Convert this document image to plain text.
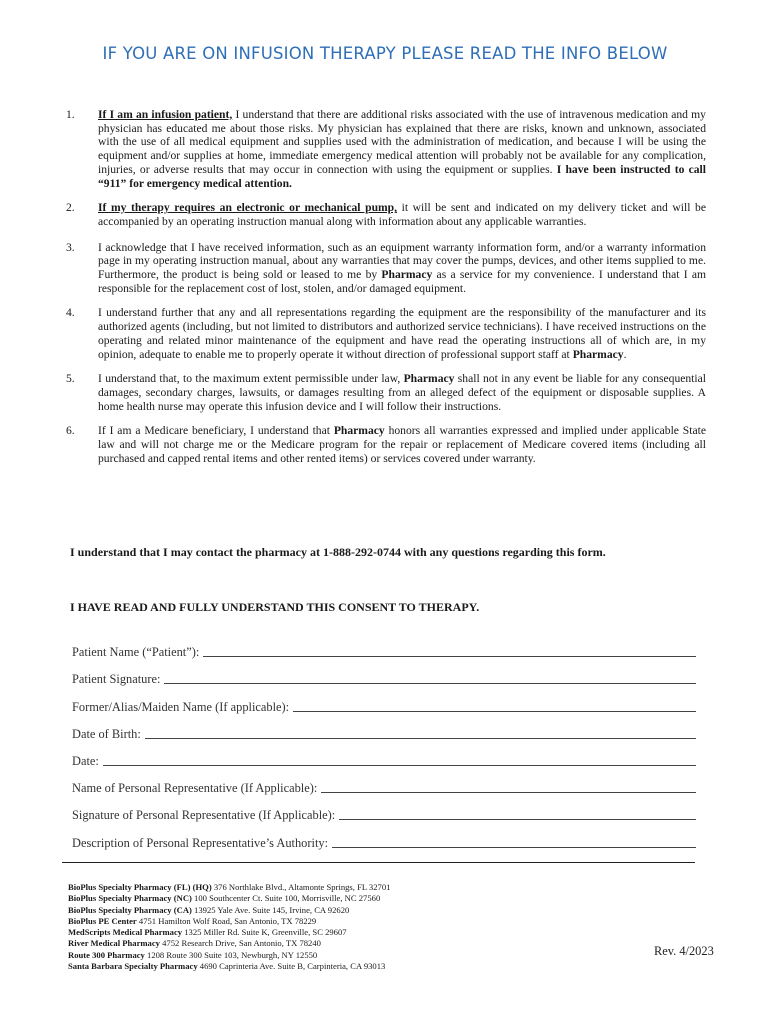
IF YOU ARE ON INFUSION THERAPY PLEASE READ THE INFO BELOW
1.	If I am an infusion patient, I understand that there are additional risks associated with the use of intravenous medication and my physician has educated me about those risks. My physician has explained that there are risks, known and unknown, associated with the use of all medical equipment and supplies used with the administration of medication, and because I will be using the equipment and/or supplies at home, immediate emergency medical attention will probably not be available for any complication, injuries, or adverse results that may occur in connection with using the equipment or supplies. I have been instructed to call “911” for emergency medical attention.
2.	If my therapy requires an electronic or mechanical pump, it will be sent and indicated on my delivery ticket and will be accompanied by an operating instruction manual along with information about any applicable warranties.
3.	I acknowledge that I have received information, such as an equipment warranty information form, and/or a warranty information page in my operating instruction manual, about any warranties that may cover the pumps, devices, and other items supplied to me. Furthermore, the product is being sold or leased to me by Pharmacy as a service for my convenience. I understand that I am responsible for the replacement cost of lost, stolen, and/or damaged equipment.
4.	I understand further that any and all representations regarding the equipment are the responsibility of the manufacturer and its authorized agents (including, but not limited to distributors and authorized service technicians). I have received instructions on the operating and related minor maintenance of the equipment and have read the operating instructions all of which are, in my opinion, adequate to enable me to properly operate it without direction of professional support staff at Pharmacy.
5.	I understand that, to the maximum extent permissible under law, Pharmacy shall not in any event be liable for any consequential damages, secondary charges, lawsuits, or damages resulting from an alleged defect of the equipment or disposable supplies. A home health nurse may operate this infusion device and I will follow their instructions.
6.	If I am a Medicare beneficiary, I understand that Pharmacy honors all warranties expressed and implied under applicable State law and will not charge me or the Medicare program for the repair or replacement of Medicare covered items (including all purchased and capped rental items and other rented items) or services covered under warranty.
I understand that I may contact the pharmacy at 1-888-292-0744 with any questions regarding this form.
I HAVE READ AND FULLY UNDERSTAND THIS CONSENT TO THERAPY.
Patient Name (“Patient”):
Patient Signature:
Former/Alias/Maiden Name (If applicable):
Date of Birth:
Date:
Name of Personal Representative (If Applicable):
Signature of Personal Representative (If Applicable):
Description of Personal Representative’s Authority:
BioPlus Specialty Pharmacy (FL) (HQ) 376 Northlake Blvd., Altamonte Springs, FL 32701
BioPlus Specialty Pharmacy (NC) 100 Southcenter Ct. Suite 100, Morrisville, NC 27560
BioPlus Specialty Pharmacy (CA) 13925 Yale Ave. Suite 145, Irvine, CA 92620
BioPlus PE Center 4751 Hamilton Wolf Road, San Antonio, TX 78229
MedScripts Medical Pharmacy 1325 Miller Rd. Suite K, Greenville, SC 29607
River Medical Pharmacy 4752 Research Drive, San Antonio, TX 78240
Route 300 Pharmacy 1208 Route 300 Suite 103, Newburgh, NY 12550
Santa Barbara Specialty Pharmacy 4690 Caprinteria Ave. Suite B, Carpinteria, CA 93013
Rev. 4/2023
